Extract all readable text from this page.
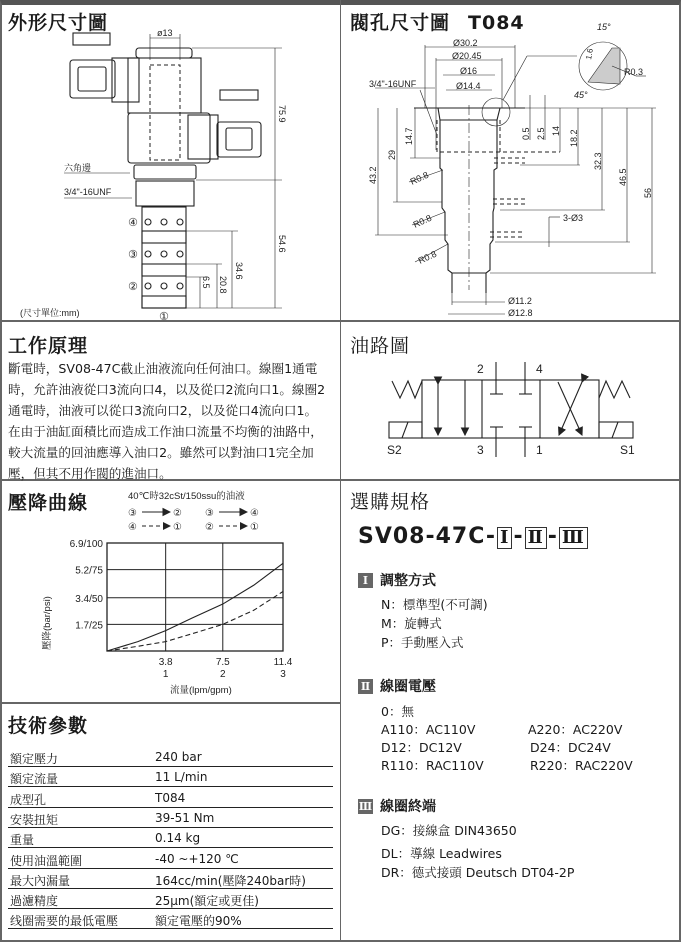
外形尺寸圖	ø13
75.9
54.6
34.6
20.8
6.5
六角邊
3/4"-16UNF
④
③
②
①
(尺寸單位:mm)
閥孔尺寸圖 T084
Ø30.2
Ø20.45
Ø16
Ø14.4
3/4"-16UNF
14.7
29
43.2
0.5 2.5 14 18.2
32.3
46.5
56
3-Ø3
R0.8
R0.8
R0.8
Ø11.2
Ø12.8
15°
45°
1.6
R0.3
工作原理
斷電時，SV08-47C截止油液流向任何油口。線圈1通電
時，允許油液從口3流向口4，以及從口2流向口1。線圈2
通電時，油液可以從口3流向口2，以及從口4流向口1。
在由于油缸面積比而造成工作油口流量不均衡的油路中，
較大流量的回油應導入油口2。雖然可以對油口1完全加
壓，但其不用作閥的進油口。
油路圖
2	4
3	1
S2	S1
壓降曲線	40℃時32cSt/150ssu的油液
③	② ③	④
④	① ②	①
1.7/25
3.4/50
5.2/75
6.9/100
3.8
1
7.5
2
11.4
3
流量(lpm/gpm)
壓降(bar/psi)
技術參數
額定壓力	240 bar
額定流量	11 L/min
成型孔	T084
安裝扭矩	39-51 Nm
重量	0.14 kg
使用油溫範圍	-40 ~+120 ℃
最大內漏量	164cc/min(壓降240bar時)
過濾精度	25μm(額定或更佳)
线圈需要的最低電壓	額定電壓的90%
選購規格
SV08-47C- Ⅰ - Ⅱ - Ⅲ
Ⅰ 調整方式
N：標準型(不可調)
M：旋轉式
P：手動壓入式
Ⅱ 線圈電壓
0：無
A110：AC110V	A220：AC220V
D12：DC12V	D24：DC24V
R110：RAC110V	R220：RAC220V
Ⅲ 線圈終端
DG：接線盒 DIN43650
DL：導線 Leadwires
DR：德式接頭 Deutsch DT04-2P
